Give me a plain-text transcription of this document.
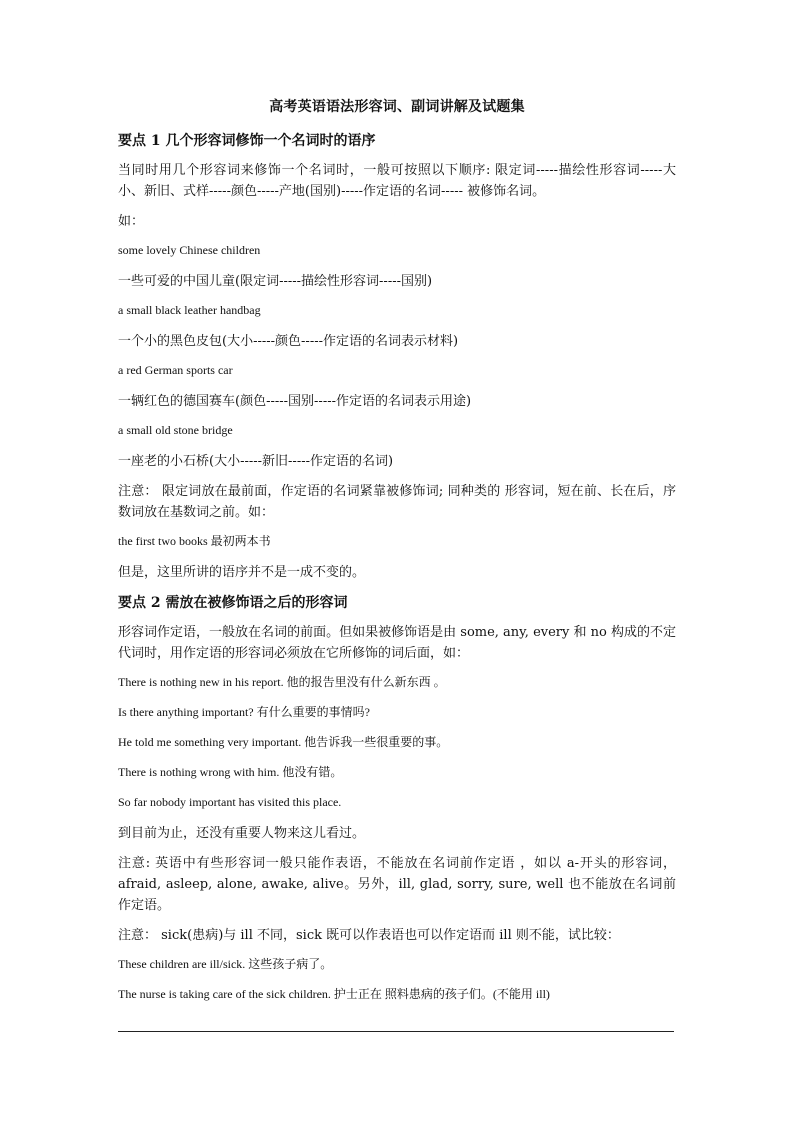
高考英语语法形容词、副词讲解及试题集
要点 1 几个形容词修饰一个名词时的语序
当同时用几个形容词来修饰一个名词时，一般可按照以下顺序: 限定词-----描绘性形容词-----大小、新旧、式样-----颜色-----产地(国别)-----作定语的名词----- 被修饰名词。
如：
some lovely Chinese children
一些可爱的中国儿童(限定词-----描绘性形容词-----国别)
a small black leather handbag
一个小的黑色皮包(大小-----颜色-----作定语的名词表示材料)
a red German sports car
一辆红色的德国赛车(颜色-----国别-----作定语的名词表示用途)
a small old stone bridge
一座老的小石桥(大小-----新旧-----作定语的名词)
注意： 限定词放在最前面，作定语的名词紧靠被修饰词; 同种类的 形容词，短在前、长在后，序数词放在基数词之前。如：
the first two books 最初两本书
但是，这里所讲的语序并不是一成不变的。
要点 2 需放在被修饰语之后的形容词
形容词作定语，一般放在名词的前面。但如果被修饰语是由 some, any, every 和 no 构成的不定 代词时，用作定语的形容词必须放在它所修饰的词后面，如：
There is nothing new in his report. 他的报告里没有什么新东西 。
Is there anything important? 有什么重要的事情吗?
He told me something very important. 他告诉我一些很重要的事。
There is nothing wrong with him. 他没有错。
So far nobody important has visited this place.
到目前为止，还没有重要人物来这儿看过。
注意: 英语中有些形容词一般只能作表语，不能放在名词前作定语 ，如以 a-开头的形容词，afraid, asleep, alone, awake, alive。另外，ill, glad, sorry, sure, well 也不能放在名词前作定语。
注意： sick(患病)与 ill 不同，sick 既可以作表语也可以作定语而 ill 则不能，试比较：
These children are ill/sick. 这些孩子病了。
The nurse is taking care of the sick children. 护士正在 照料患病的孩子们。(不能用 ill)
